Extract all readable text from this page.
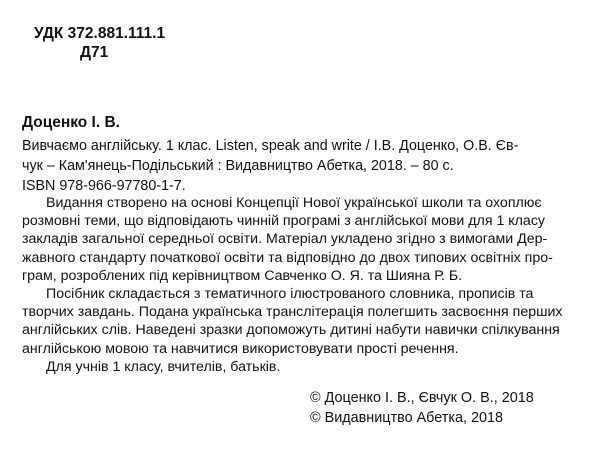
УДК 372.881.111.1
Д71
Доценко І. В.
Вивчаємо англійську. 1 клас. Listen, speak and write / І.В. Доценко, О.В. Єв-
чук – Кам'янець-Подільський : Видавництво Абетка, 2018. – 80 с.
ISBN 978-966-97780-1-7.
Видання створено на основі Концепції Нової української школи та охоплює
розмовні теми, що відповідають чинній програмі з англійської мови для 1 класу
закладів загальної середньої освіти. Матеріал укладено згідно з вимогами Дер-
жавного стандарту початкової освіти та відповідно до двох типових освітніх про-
грам, розроблених під керівництвом Савченко О. Я. та Шияна Р. Б.
Посібник складається з тематичного ілюстрованого словника, прописів та
творчих завдань. Подана українська транслітерація полегшить засвоєння перших
англійських слів. Наведені зразки допоможуть дитині набути навички спілкування
англійською мовою та навчитися використовувати прості речення.
Для учнів 1 класу, вчителів, батьків.
© Доценко І. В., Євчук О. В., 2018
© Видавництво Абетка, 2018
